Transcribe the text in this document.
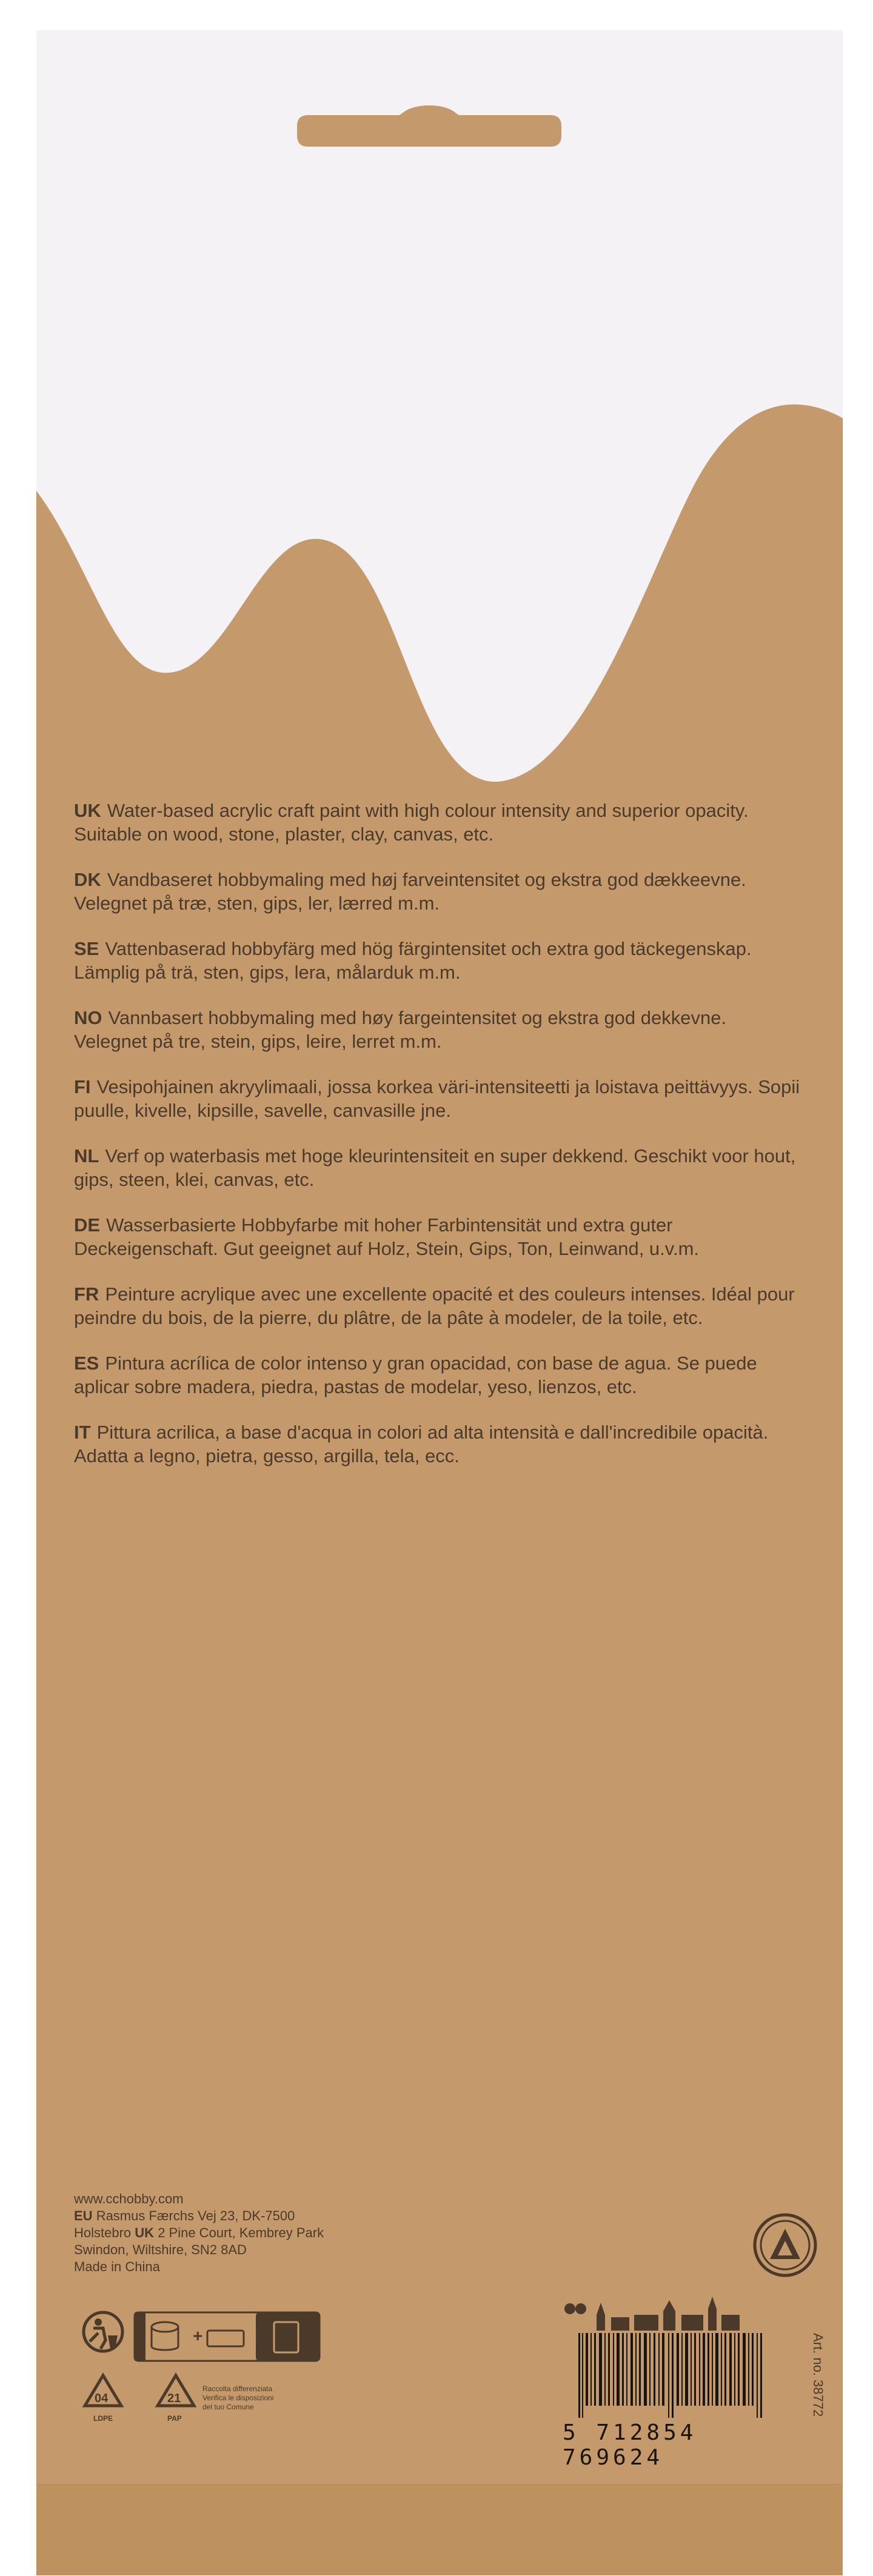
UK Water-based acrylic craft paint with high colour intensity and superior opacity. Suitable on wood, stone, plaster, clay, canvas, etc.

DK Vandbaseret hobbymaling med høj farveintensitet og ekstra god dækkeevne. Velegnet på træ, sten, gips, ler, lærred m.m.

SE Vattenbaserad hobbyfärg med hög färgintensitet och extra god täckegenskap. Lämplig på trä, sten, gips, lera, målarduk m.m.

NO Vannbasert hobbymaling med høy fargeintensitet og ekstra god dekkevne. Velegnet på tre, stein, gips, leire, lerret m.m.

FI Vesipohjainen akryylimaali, jossa korkea väri-intensiteetti ja loistava peittävyys. Sopii puulle, kivelle, kipsille, savelle, canvasille jne.

NL Verf op waterbasis met hoge kleurintensiteit en super dekkend. Geschikt voor hout, gips, steen, klei, canvas, etc.

DE Wasserbasierte Hobbyfarbe mit hoher Farbintensität und extra guter Deckeigenschaft. Gut geeignet auf Holz, Stein, Gips, Ton, Leinwand, u.v.m.

FR Peinture acrylique avec une excellente opacité et des couleurs intenses. Idéal pour peindre du bois, de la pierre, du plâtre, de la pâte à modeler, de la toile, etc.

ES Pintura acrílica de color intenso y gran opacidad, con base de agua. Se puede aplicar sobre madera, piedra, pastas de modelar, yeso, lienzos, etc.

IT Pittura acrilica, a base d'acqua in colori ad alta intensità e dall'incredibile opacità. Adatta a legno, pietra, gesso, argilla, tela, ecc.

www.cchobby.com
EU Rasmus Færchs Vej 23, DK-7500
Holstebro UK 2 Pine Court, Kembrey Park
Swindon, Wiltshire, SN2 8AD
Made in China
+
04
LDPE
21
PAP
Raccolta differenziata
Verifica le disposizioni
del tuo Comune
5 712854 769624
Art. no. 38772
